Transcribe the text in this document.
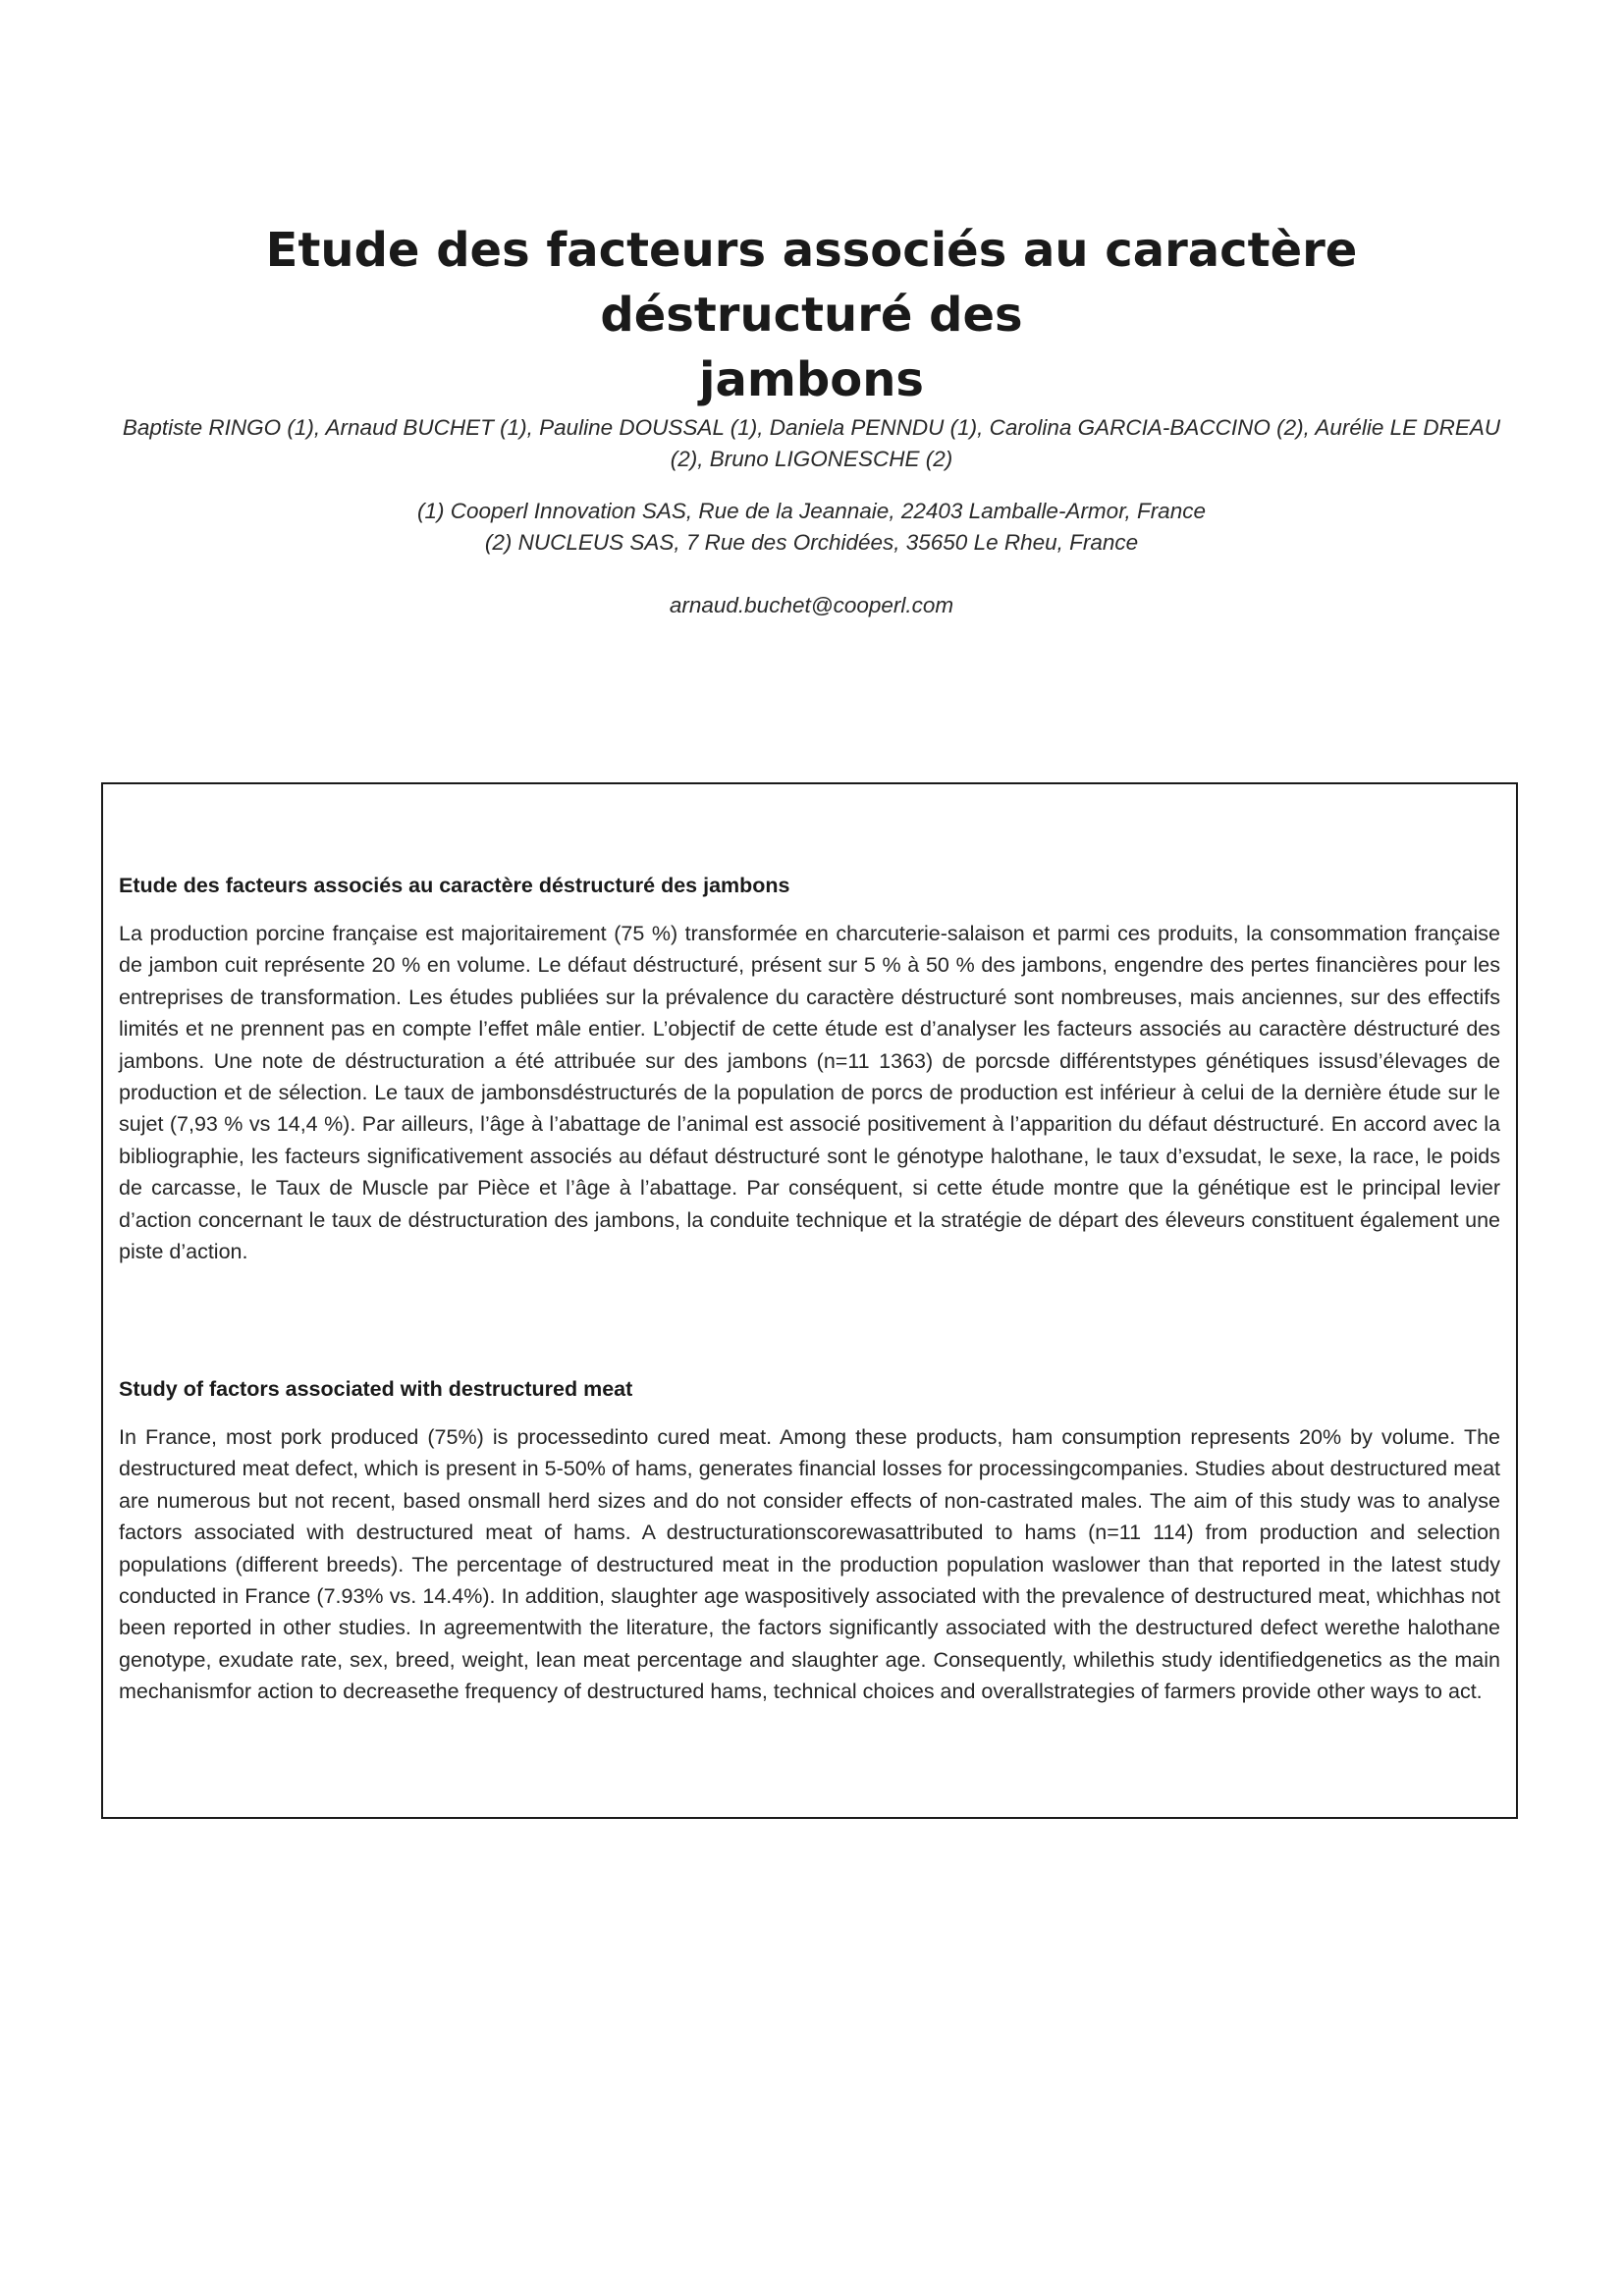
Etude des facteurs associés au caractère déstructuré des
jambons

Baptiste RINGO (1), Arnaud BUCHET (1), Pauline DOUSSAL (1), Daniela PENNDU (1), Carolina GARCIA-BACCINO (2), Aurélie LE DREAU
(2), Bruno LIGONESCHE (2)

(1) Cooperl Innovation SAS, Rue de la Jeannaie, 22403 Lamballe-Armor, France

(2) NUCLEUS SAS, 7 Rue des Orchidées, 35650 Le Rheu, France

arnaud.buchet@cooperl.com

Etude des facteurs associés au caractère déstructuré des jambons

La production porcine française est majoritairement (75 %) transformée en charcuterie-salaison et parmi ces produits, la consommation française de jambon cuit représente 20 % en volume. Le défaut déstructuré, présent sur 5 % à 50 % des jambons, engendre des pertes financières pour les entreprises de transformation. Les études publiées sur la prévalence du caractère déstructuré sont nombreuses, mais anciennes, sur des effectifs limités et ne prennent pas en compte l’effet mâle entier. L’objectif de cette étude est d’analyser les facteurs associés au caractère déstructuré des jambons. Une note de déstructuration a été attribuée sur des jambons (n=11 1363) de porcsde différentstypes génétiques issusd’élevages de production et de sélection. Le taux de jambonsdéstructurés de la population de porcs de production est inférieur à celui de la dernière étude sur le sujet (7,93 % vs 14,4 %). Par ailleurs, l’âge à l’abattage de l’animal est associé positivement à l’apparition du défaut déstructuré. En accord avec la bibliographie, les facteurs significativement associés au défaut déstructuré sont le génotype halothane, le taux d’exsudat, le sexe, la race, le poids de carcasse, le Taux de Muscle par Pièce et l’âge à l’abattage. Par conséquent, si cette étude montre que la génétique est le principal levier d’action concernant le taux de déstructuration des jambons, la conduite technique et la stratégie de départ des éleveurs constituent également une piste d’action.

Study of factors associated with destructured meat

In France, most pork produced (75%) is processedinto cured meat. Among these products, ham consumption represents 20% by volume. The destructured meat defect, which is present in 5-50% of hams, generates financial losses for processingcompanies. Studies about destructured meat are numerous but not recent, based onsmall herd sizes and do not consider effects of non-castrated males. The aim of this study was to analyse factors associated with destructured meat of hams. A destructurationscorewasattributed to hams (n=11 114) from production and selection populations (different breeds). The percentage of destructured meat in the production population waslower than that reported in the latest study conducted in France (7.93% vs. 14.4%). In addition, slaughter age waspositively associated with the prevalence of destructured meat, whichhas not been reported in other studies. In agreementwith the literature, the factors significantly associated with the destructured defect werethe halothane genotype, exudate rate, sex, breed, weight, lean meat percentage and slaughter age. Consequently, whilethis study identifiedgenetics as the main mechanismfor action to decreasethe frequency of destructured hams, technical choices and overallstrategies of farmers provide other ways to act.
